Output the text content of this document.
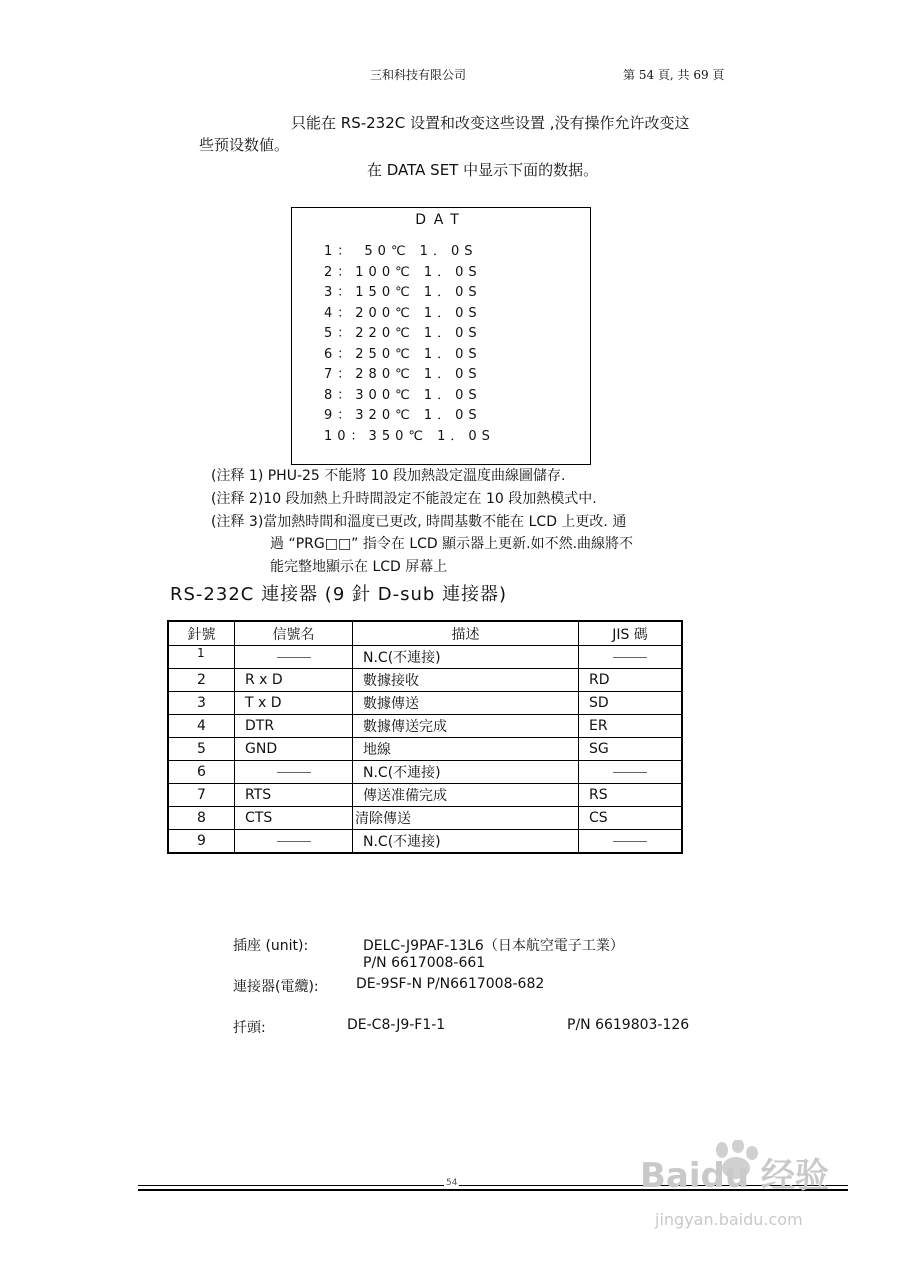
三和科技有限公司	第 54 頁, 共 69 頁
只能在 RS-232C 设置和改变这些设置 ,没有操作允许改变这
些预设数値。
在 DATA SET 中显示下面的数据。
DAT
1： 50℃ 1．0S
2：100℃ 1．0S
3：150℃ 1．0S
4：200℃ 1．0S
5：220℃ 1．0S
6：250℃ 1．0S
7：280℃ 1．0S
8：300℃ 1．0S
9：320℃ 1．0S
10：350℃ 1．0S
(注释 1) PHU-25 不能將 10 段加熱設定溫度曲線圖儲存.
(注释 2)10 段加熱上升時間設定不能設定在 10 段加熱模式中.
(注释 3)當加熱時間和溫度已更改, 時間基數不能在 LCD 上更改. 通
過 “PRG□□” 指令在 LCD 顯示器上更新.如不然.曲線將不
能完整地顯示在 LCD 屏幕上
RS-232C 連接器 (9 針 D-sub 連接器)
針號	信號名	描述	JIS 碼
1		N.C(不連接)	
2	R x D	數據接收	RD
3	T x D	數據傳送	SD
4	DTR	數據傳送完成	ER
5	GND	地線	SG
6		N.C(不連接)	
7	RTS	傳送准備完成	RS
8	CTS	清除傳送	CS
9		N.C(不連接)	
插座 (unit):	DELC-J9PAF-13L6（日本航空電子工業）
P/N 6617008-661
連接器(電纜):	DE-9SF-N P/N6617008-682
扦頭:	DE-C8-J9-F1-1	P/N 6619803-126
54	Baidu 经验
jingyan.baidu.com
